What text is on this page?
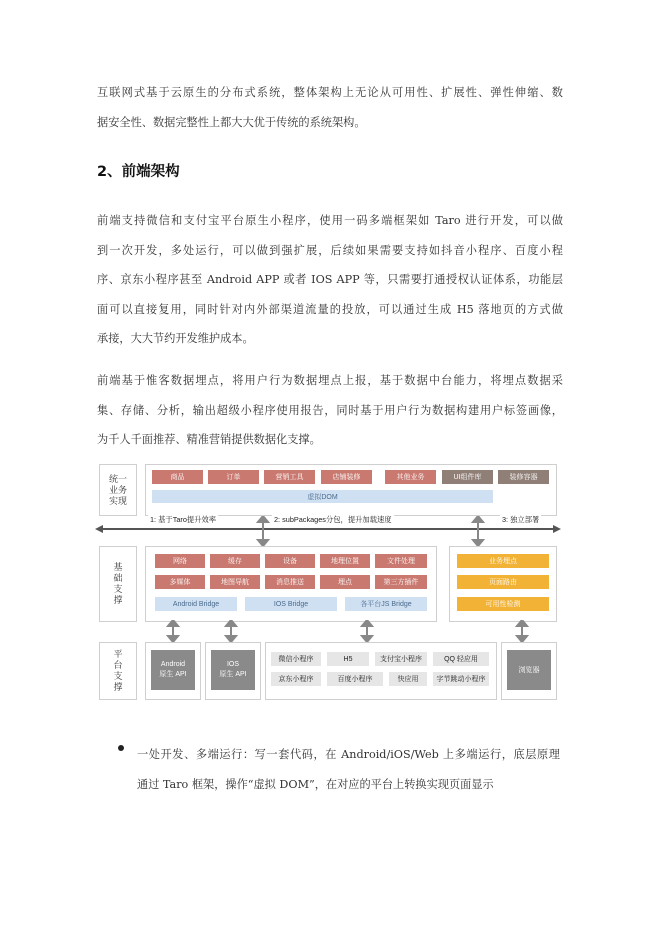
互联网式基于云原生的分布式系统，整体架构上无论从可用性、扩展性、弹性伸缩、数
据安全性、数据完整性上都大大优于传统的系统架构。
2、前端架构
前端支持微信和支付宝平台原生小程序，使用一码多端框架如 Taro 进行开发，可以做
到一次开发，多处运行，可以做到强扩展，后续如果需要支持如抖音小程序、百度小程
序、京东小程序甚至 Android APP 或者 IOS APP 等，只需要打通授权认证体系，功能层
面可以直接复用，同时针对内外部渠道流量的投放，可以通过生成 H5 落地页的方式做
承接，大大节约开发维护成本。
前端基于惟客数据埋点，将用户行为数据埋点上报，基于数据中台能力，将埋点数据采
集、存储、分析，输出超级小程序使用报告，同时基于用户行为数据构建用户标签画像，
为千人千面推荐、精准营销提供数据化支撑。
统一
业务
实现
商品	订单	营销工具	店铺装修	其他业务	UI组件库	装修容器
虚拟DOM
1: 基于Taro提升效率	2: subPackages分包，提升加载速度	3: 独立部署
基
础
支
撑
网络	缓存	设备	地理位置	文件处理
多媒体	地图导航	消息推送	埋点	第三方插件
Android Bridge	IOS Bridge	各平台JS Bridge
业务埋点
页面路由
可用性检测
平
台
支
撑
Android
原生 API
IOS
原生 API
微信小程序	H5	支付宝小程序	QQ 轻应用
京东小程序	百度小程序	快应用	字节跳动小程序
浏览器
一处开发、多端运行：写一套代码，在 Android/iOS/Web 上多端运行，底层原理
通过 Taro 框架，操作“虚拟 DOM”，在对应的平台上转换实现页面显示
